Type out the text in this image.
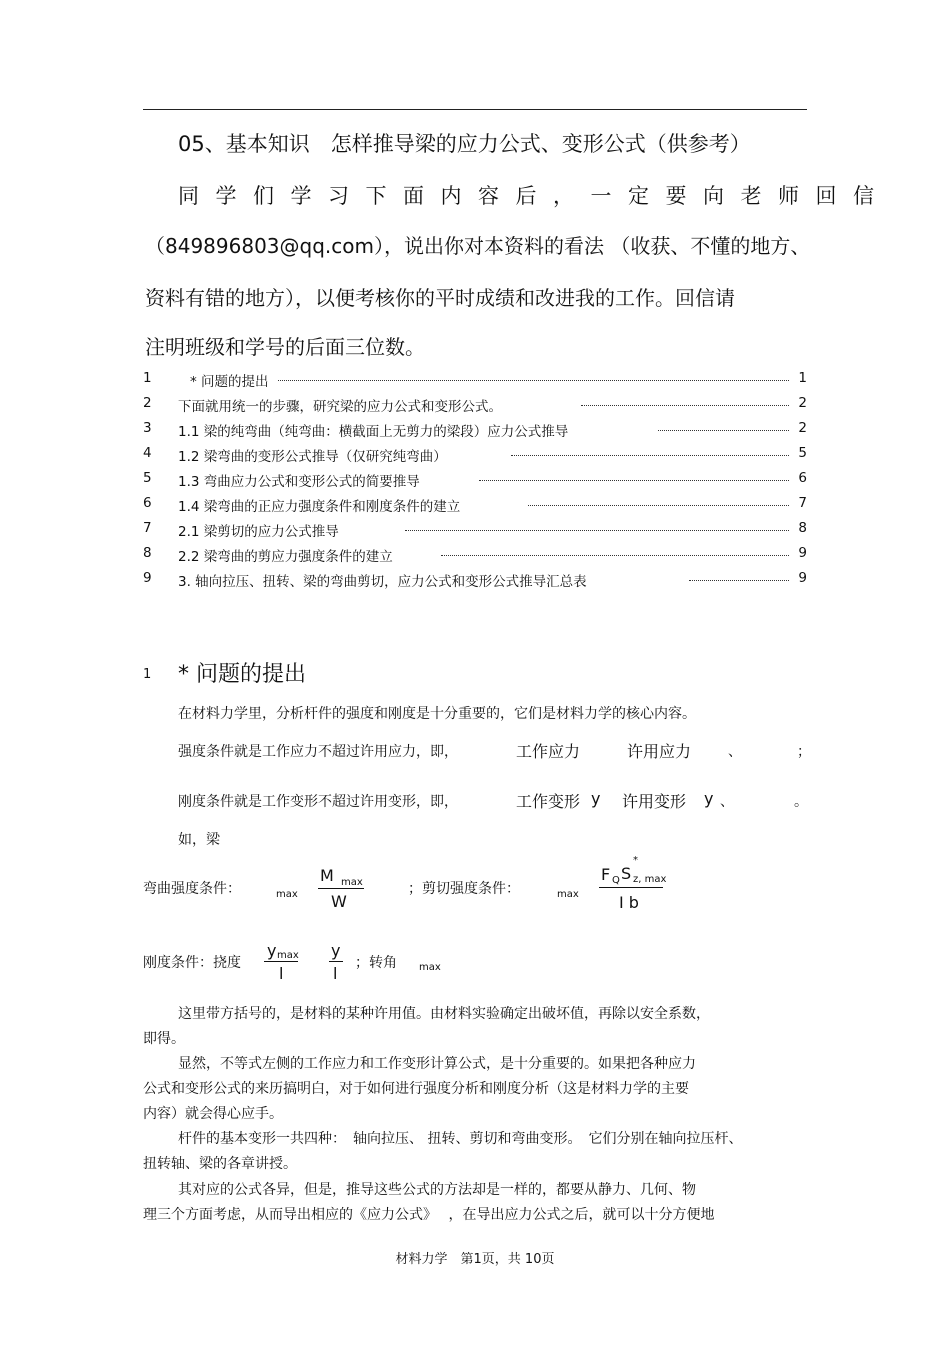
05、基本知识　怎样推导梁的应力公式、变形公式（供参考）
同学们学习下面内容后，一定要向老师回信
（849896803@qq.com），说出你对本资料的看法 （收获、不懂的地方、
资料有错的地方），以便考核你的平时成绩和改进我的工作。回信请
注明班级和学号的后面三位数。
1	* 问题的提出	1
2 下面就用统一的步骤，研究梁的应力公式和变形公式。	2
3 1.1 梁的纯弯曲（纯弯曲：横截面上无剪力的梁段）应力公式推导	2
4 1.2 梁弯曲的变形公式推导（仅研究纯弯曲）	5
5 1.3 弯曲应力公式和变形公式的简要推导	6
6 1.4 梁弯曲的正应力强度条件和刚度条件的建立	7
7 2.1 梁剪切的应力公式推导	8
8 2.2 梁弯曲的剪应力强度条件的建立	9
9 3. 轴向拉压、扭转、梁的弯曲剪切，应力公式和变形公式推导汇总表	9
1 * 问题的提出
在材料力学里，分析杆件的强度和刚度是十分重要的，它们是材料力学的核心内容。
强度条件就是工作应力不超过许用应力，即，	工作应力	许用应力	、	；
刚度条件就是工作变形不超过许用变形，即，	工作变形 y 许用变形 y 、	。
如，梁
弯曲强度条件：	max
M max
W
；剪切强度条件：	max
F Q S
*
z, max
I b
刚度条件：挠度
y max
l
y
l
；转角 max
这里带方括号的，是材料的某种许用值。由材料实验确定出破坏值，再除以安全系数，
即得。
显然，不等式左侧的工作应力和工作变形计算公式，是十分重要的。如果把各种应力
公式和变形公式的来历搞明白，对于如何进行强度分析和刚度分析（这是材料力学的主要
内容）就会得心应手。
杆件的基本变形一共四种：　轴向拉压、 扭转、剪切和弯曲变形。　它们分别在轴向拉压杆、
扭转轴、梁的各章讲授。
其对应的公式各异，但是，推导这些公式的方法却是一样的，都要从静力、几何、物
理三个方面考虑，从而导出相应的《应力公式》　 ，在导出应力公式之后，就可以十分方便地
材料力学　第1页，共 10页
